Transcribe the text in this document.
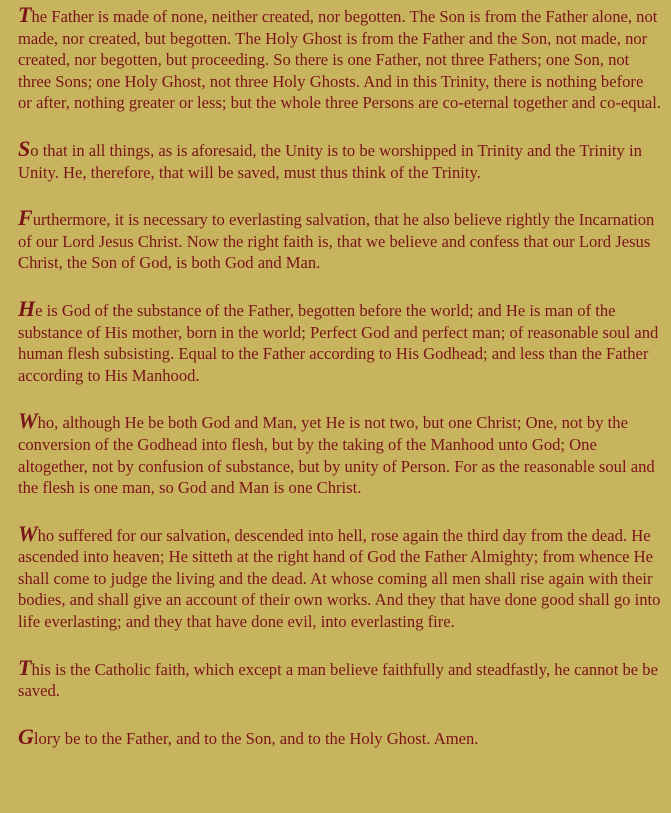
The Father is made of none, neither created, nor begotten. The Son is from the Father alone, not made, nor created, but begotten. The Holy Ghost is from the Father and the Son, not made, nor created, nor begotten, but proceeding. So there is one Father, not three Fathers; one Son, not three Sons; one Holy Ghost, not three Holy Ghosts. And in this Trinity, there is nothing before or after, nothing greater or less; but the whole three Persons are co-eternal together and co-equal.

So that in all things, as is aforesaid, the Unity is to be worshipped in Trinity and the Trinity in Unity. He, therefore, that will be saved, must thus think of the Trinity.

Furthermore, it is necessary to everlasting salvation, that he also believe rightly the Incarnation of our Lord Jesus Christ. Now the right faith is, that we believe and confess that our Lord Jesus Christ, the Son of God, is both God and Man.

He is God of the substance of the Father, begotten before the world; and He is man of the substance of His mother, born in the world; Perfect God and perfect man; of reasonable soul and human flesh subsisting. Equal to the Father according to His Godhead; and less than the Father according to His Manhood.

Who, although He be both God and Man, yet He is not two, but one Christ; One, not by the conversion of the Godhead into flesh, but by the taking of the Manhood unto God; One altogether, not by confusion of substance, but by unity of Person. For as the reasonable soul and the flesh is one man, so God and Man is one Christ.

Who suffered for our salvation, descended into hell, rose again the third day from the dead. He ascended into heaven; He sitteth at the right hand of God the Father Almighty; from whence He shall come to judge the living and the dead. At whose coming all men shall rise again with their bodies, and shall give an account of their own works. And they that have done good shall go into life everlasting; and they that have done evil, into everlasting fire.

This is the Catholic faith, which except a man believe faithfully and steadfastly, he cannot be be saved.

Glory be to the Father, and to the Son, and to the Holy Ghost. Amen.
